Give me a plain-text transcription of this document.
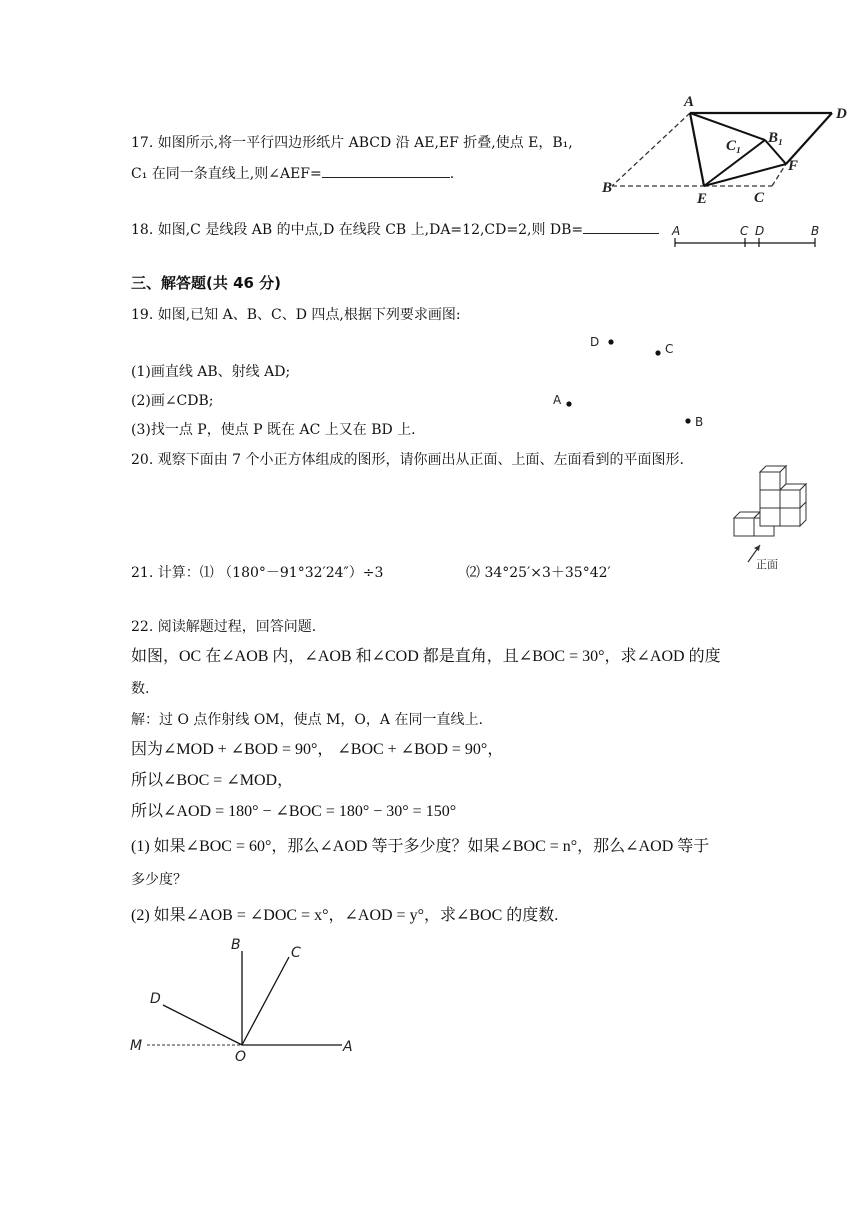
17. 如图所示,将一平行四边形纸片 ABCD 沿 AE,EF 折叠,使点 E，B₁,
C₁ 在同一条直线上,则∠AEF=	.
A
D
B
C
C₁ B₁
F
E
18. 如图,C 是线段 AB 的中点,D 在线段 CB 上,DA=12,CD=2,则 DB=	A	C D	B
三、解答题(共 46 分)
19. 如图,已知 A、B、C、D 四点,根据下列要求画图:
(1)画直线 AB、射线 AD;
(2)画∠CDB;
(3)找一点 P，使点 P 既在 AC 上又在 BD 上.
D	C
A
B
20. 观察下面由 7 个小正方体组成的图形，请你画出从正面、上面、左面看到的平面图形.
正面
21. 计算：⑴ （180°－91°32′24″）÷3	⑵ 34°25′×3＋35°42′
22. 阅读解题过程，回答问题.
如图，OC 在∠AOB 内，∠AOB 和∠COD 都是直角，且∠BOC = 30°，求∠AOD 的度
数.
解：过 O 点作射线 OM，使点 M，O，A 在同一直线上.
因为∠MOD + ∠BOD = 90°， ∠BOC + ∠BOD = 90°，
所以∠BOC = ∠MOD，
所以∠AOD = 180° − ∠BOC = 180° − 30° = 150°
(1) 如果∠BOC = 60°，那么∠AOD 等于多少度？如果∠BOC = n°，那么∠AOD 等于
多少度？
(2) 如果∠AOB = ∠DOC = x°，∠AOD = y°，求∠BOC 的度数.
B	C
D
M
O
A
